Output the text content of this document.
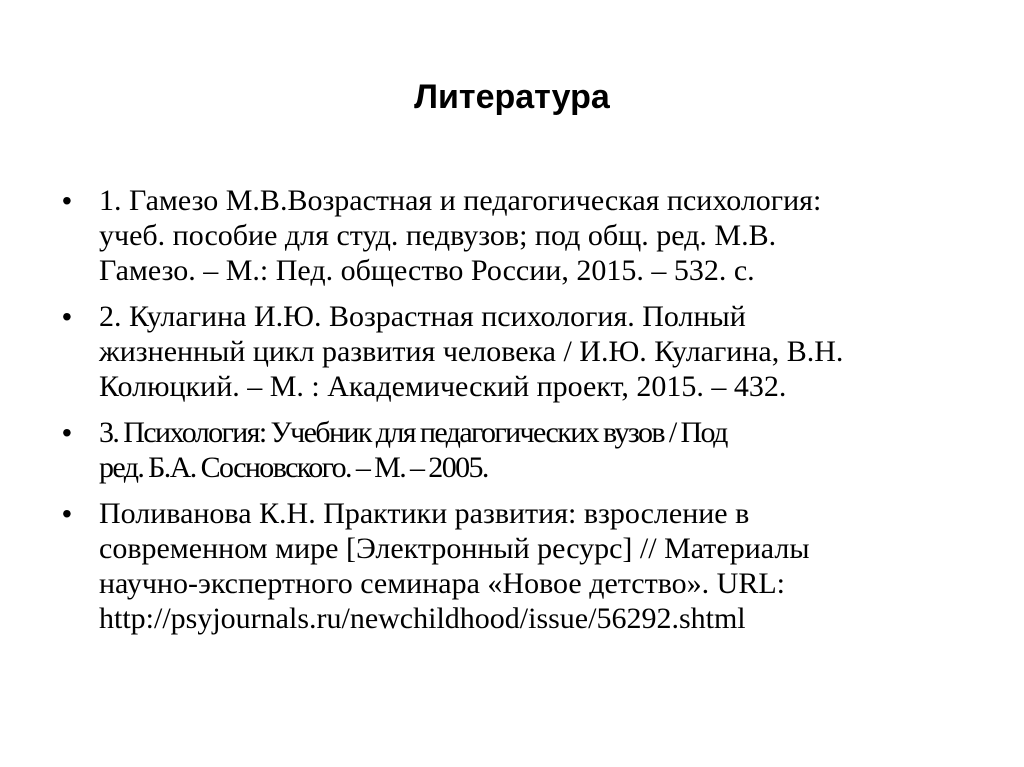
Литература
• 1. Гамезо М.В.Возрастная и педагогическая психология:
учеб. пособие для студ. педвузов; под общ. ред. М.В.
Гамезо. – М.: Пед. общество России, 2015. – 532. с.
• 2. Кулагина И.Ю. Возрастная психология. Полный
жизненный цикл развития человека / И.Ю. Кулагина, В.Н.
Колюцкий. – М. : Академический проект, 2015. – 432.
• 3. Психология: Учебник для педагогических вузов / Под
ред. Б.А. Сосновского. – М. – 2005.
• Поливанова К.Н. Практики развития: взросление в
современном мире [Электронный ресурс] // Материалы
научно-экспертного семинара «Новое детство». URL:
http://psyjournals.ru/newchildhood/issue/56292.shtml
